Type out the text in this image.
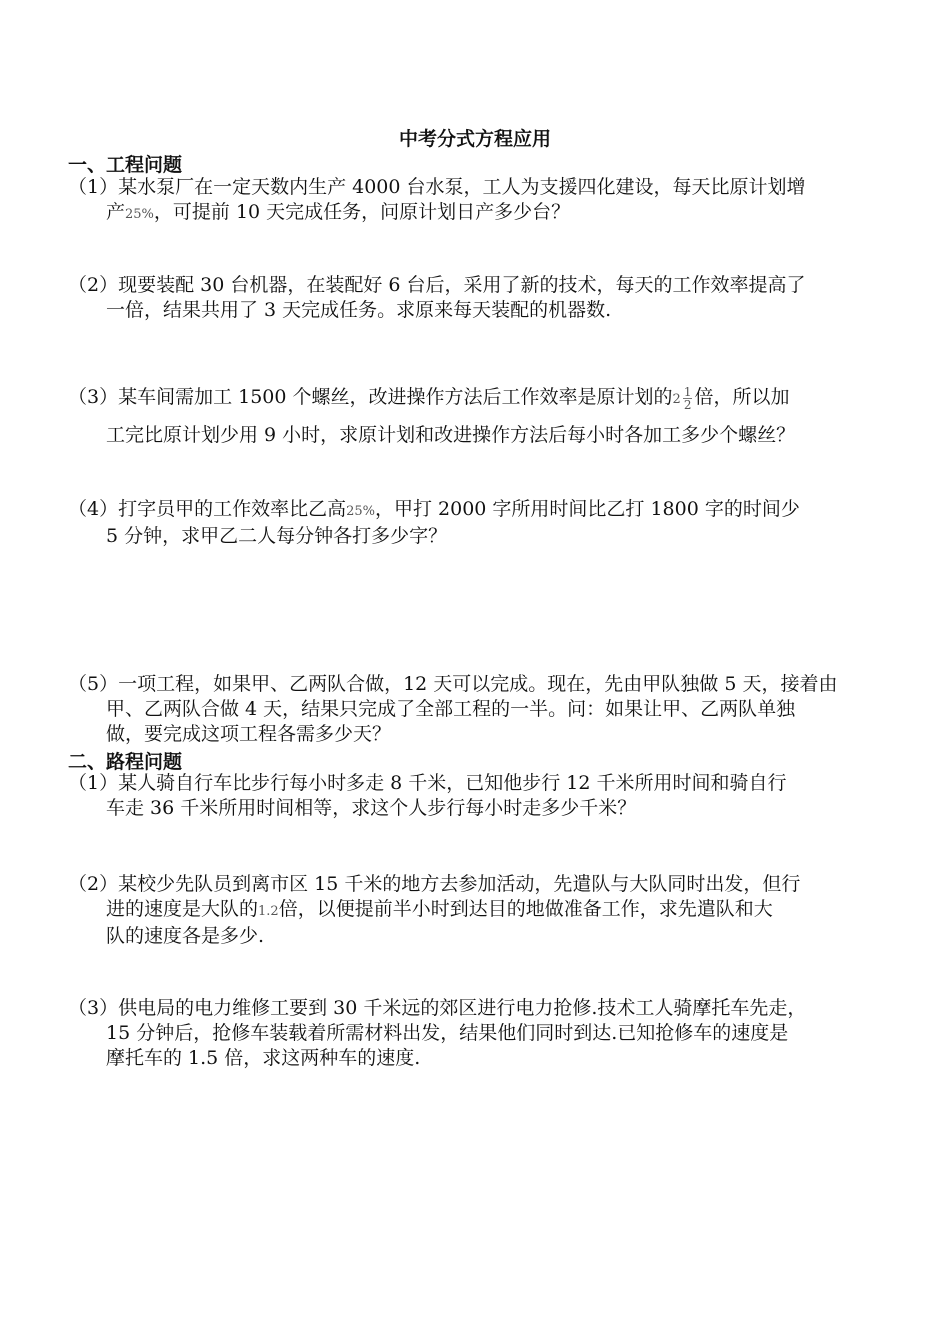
中考分式方程应用
一、工程问题
（1）某水泵厂在一定天数内生产 4000 台水泵，工人为支援四化建设，每天比原计划增
产25%，可提前 10 天完成任务，问原计划日产多少台？
（2）现要装配 30 台机器，在装配好 6 台后，采用了新的技术，每天的工作效率提高了
一倍，结果共用了 3 天完成任务。求原来每天装配的机器数.
（3）某车间需加工 1500 个螺丝，改进操作方法后工作效率是原计划的$2 \frac{1}{2}$ 倍，所以加
工完比原计划少用 9 小时，求原计划和改进操作方法后每小时各加工多少个螺丝？
（4）打字员甲的工作效率比乙高25%，甲打 2000 字所用时间比乙打 1800 字的时间少
5 分钟，求甲乙二人每分钟各打多少字？
（5）一项工程，如果甲、乙两队合做，12 天可以完成。现在，先由甲队独做 5 天，接着由
甲、乙两队合做 4 天，结果只完成了全部工程的一半。问：如果让甲、乙两队单独
做，要完成这项工程各需多少天？
二、路程问题
（1）某人骑自行车比步行每小时多走 8 千米，已知他步行 12 千米所用时间和骑自行
车走 36 千米所用时间相等，求这个人步行每小时走多少千米？
（2）某校少先队员到离市区 15 千米的地方去参加活动，先遣队与大队同时出发，但行
进的速度是大队的1.2倍，以便提前半小时到达目的地做准备工作，求先遣队和大
队的速度各是多少.
（3）供电局的电力维修工要到 30 千米远的郊区进行电力抢修.技术工人骑摩托车先走，
15 分钟后，抢修车装载着所需材料出发，结果他们同时到达.已知抢修车的速度是
摩托车的 1.5 倍，求这两种车的速度.
